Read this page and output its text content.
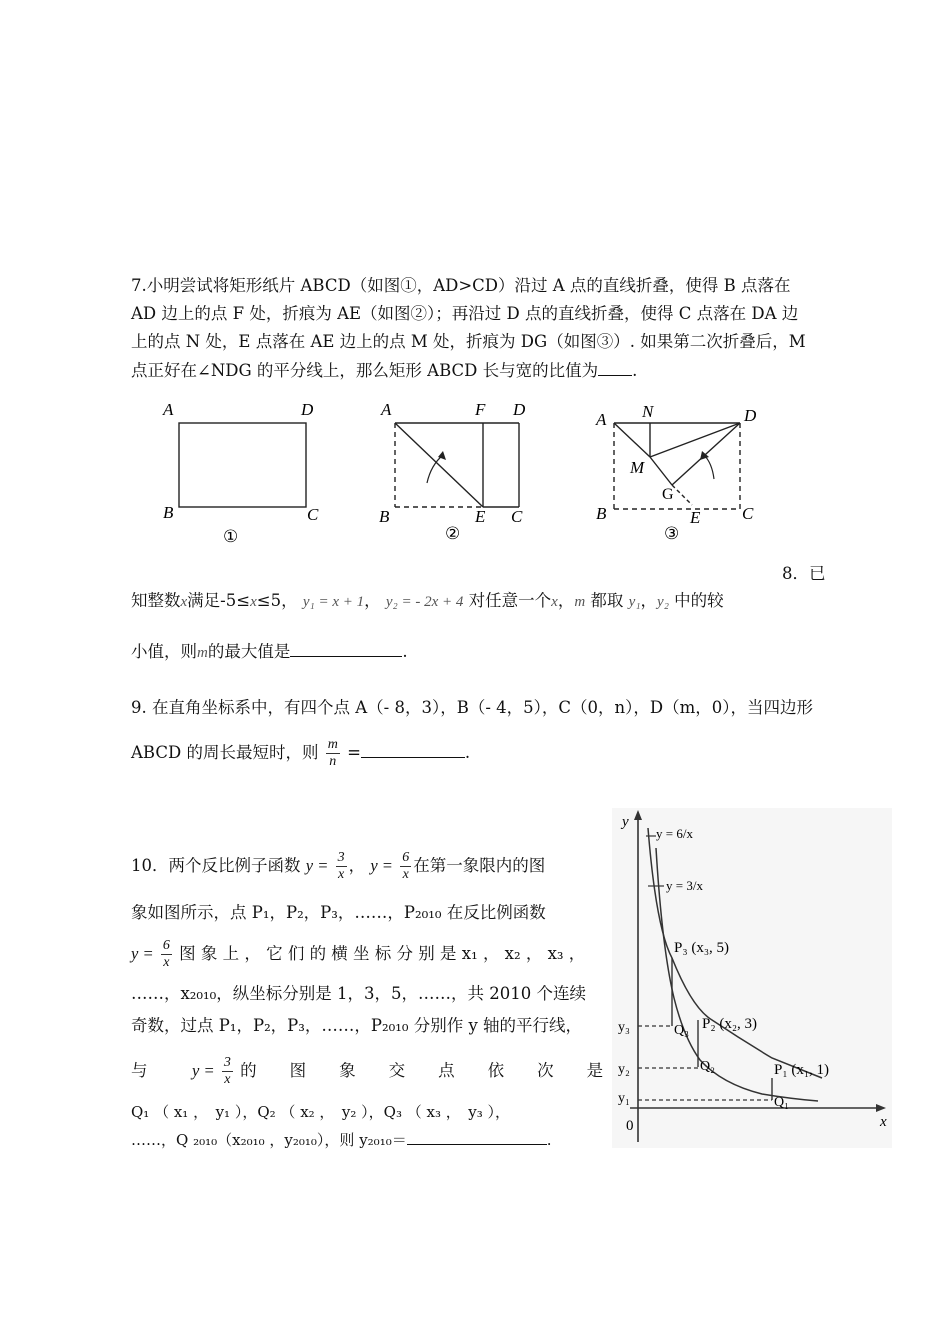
7.小明尝试将矩形纸片 ABCD（如图①，AD>CD）沿过 A 点的直线折叠，使得 B 点落在
AD 边上的点 F 处，折痕为 AE（如图②）；再沿过 D 点的直线折叠，使得 C 点落在 DA 边
上的点 N 处，E 点落在 AE 边上的点 M 处，折痕为 DG（如图③）. 如果第二次折叠后，M
点正好在∠NDG 的平分线上，那么矩形 ABCD 长与宽的比值为 .
A	D
B	C
①
A	F D
B	E C
②
A N	D
M
G
B	E C
③
8．已
知整数x满足-5≤x≤5， y₁ = x + 1， y₂ = - 2x + 4 对任意一个x，m 都取 y₁，y₂ 中的较
小值，则m的最大值是	.
9. 在直角坐标系中，有四个点 A（- 8，3），B（- 4，5），C（0，n），D（m，0），当四边形
ABCD 的周长最短时，则 $\frac{m}{n}$ =	.
10．两个反比例子函数 $y = \frac{3}{x}$ ， $y = \frac{6}{x}$ 在第一象限内的图
象如图所示，点 P₁，P₂，P₃，……，P₂₀₁₀ 在反比例函数
$y = \frac{6}{x}$ 图 象 上 ， 它 们 的 横 坐 标 分 别 是 x₁ ， x₂ ， x₃ ，
……，x₂₀₁₀，纵坐标分别是 1，3，5，……，共 2010 个连续
奇数，过点 P₁，P₂，P₃，……，P₂₀₁₀ 分别作 y 轴的平行线，
与	$y = \frac{3}{x}$ 的　　图　　象　　交　　点　　依　　次　　是
Q₁ （ x₁ ，　y₁ ），Q₂ （ x₂ ，　y₂ ），Q₃ （ x₃ ，　y₃ ），
……，Q ₂₀₁₀（x₂₀₁₀ ，y₂₀₁₀），则 y₂₀₁₀＝	.
y
x
0
y = 6/x
y = 3/x
P₃ (x₃, 5)
P₂ (x₂, 3)
P₁ (x₁, 1)
Q₃
Q₂
Q₁
y₃
y₂
y₁
